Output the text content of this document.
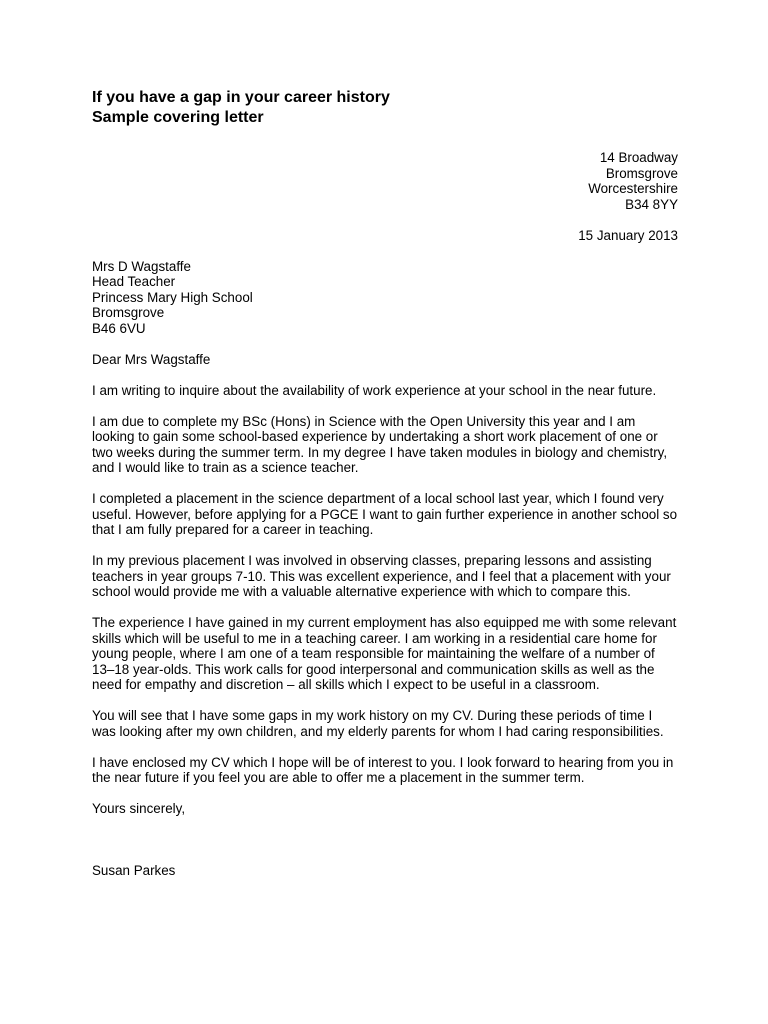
If you have a gap in your career history
Sample covering letter
14 Broadway
Bromsgrove
Worcestershire
B34 8YY
15 January 2013
Mrs D Wagstaffe
Head Teacher
Princess Mary High School
Bromsgrove
B46 6VU
Dear Mrs Wagstaffe

I am writing to inquire about the availability of work experience at your school in the near future.

I am due to complete my BSc (Hons) in Science with the Open University this year and I am looking to gain some school-based experience by undertaking a short work placement of one or two weeks during the summer term. In my degree I have taken modules in biology and chemistry, and I would like to train as a science teacher.

I completed a placement in the science department of a local school last year, which I found very useful. However, before applying for a PGCE I want to gain further experience in another school so that I am fully prepared for a career in teaching.

In my previous placement I was involved in observing classes, preparing lessons and assisting teachers in year groups 7-10. This was excellent experience, and I feel that a placement with your school would provide me with a valuable alternative experience with which to compare this.

The experience I have gained in my current employment has also equipped me with some relevant skills which will be useful to me in a teaching career. I am working in a residential care home for young people, where I am one of a team responsible for maintaining the welfare of a number of 13–18 year-olds. This work calls for good interpersonal and communication skills as well as the need for empathy and discretion – all skills which I expect to be useful in a classroom.

You will see that I have some gaps in my work history on my CV. During these periods of time I was looking after my own children, and my elderly parents for whom I had caring responsibilities.

I have enclosed my CV which I hope will be of interest to you. I look forward to hearing from you in the near future if you feel you are able to offer me a placement in the summer term.

Yours sincerely,
Susan Parkes
